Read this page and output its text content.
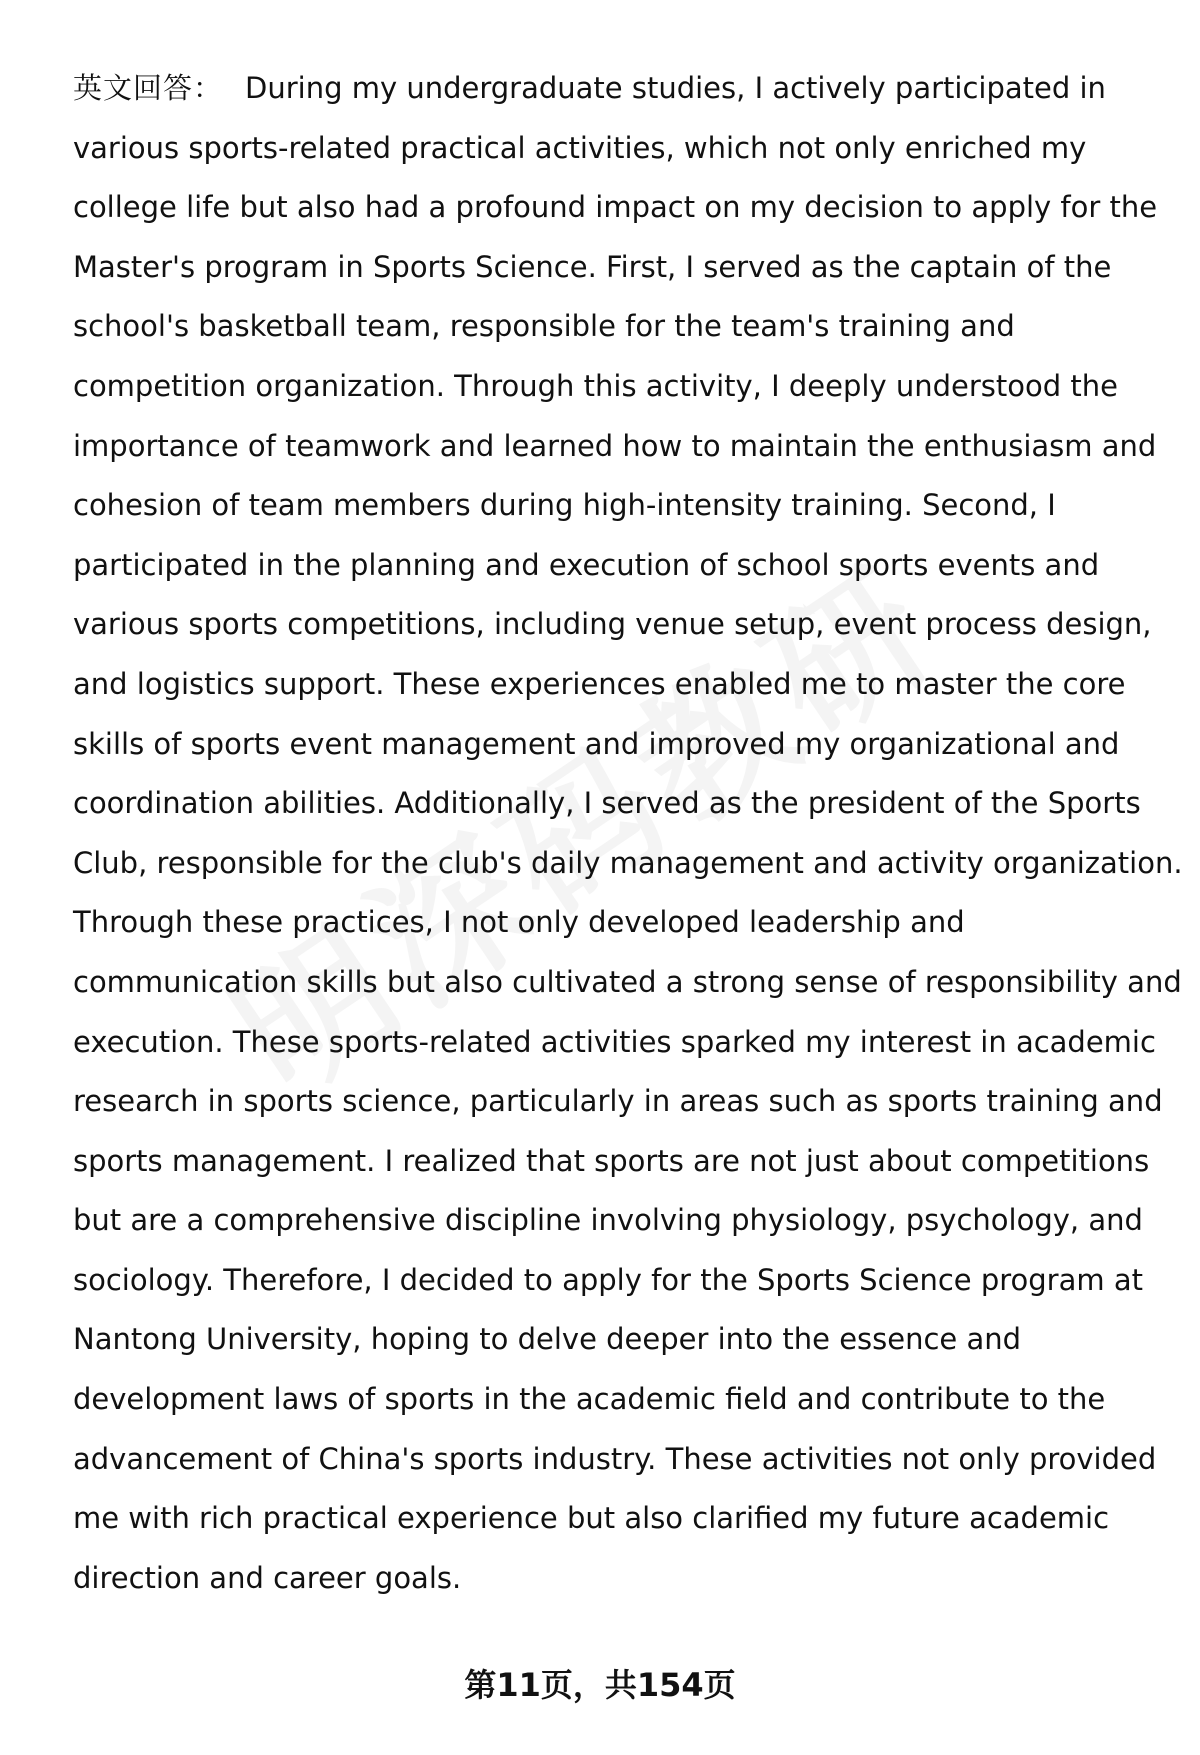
英文回答： During my undergraduate studies, I actively participated in
various sports-related practical activities, which not only enriched my
college life but also had a profound impact on my decision to apply for the
Master's program in Sports Science. First, I served as the captain of the
school's basketball team, responsible for the team's training and
competition organization. Through this activity, I deeply understood the
importance of teamwork and learned how to maintain the enthusiasm and
cohesion of team members during high-intensity training. Second, I
participated in the planning and execution of school sports events and
various sports competitions, including venue setup, event process design,
and logistics support. These experiences enabled me to master the core
skills of sports event management and improved my organizational and
coordination abilities. Additionally, I served as the president of the Sports
Club, responsible for the club's daily management and activity organization.
Through these practices, I not only developed leadership and
communication skills but also cultivated a strong sense of responsibility and
execution. These sports-related activities sparked my interest in academic
research in sports science, particularly in areas such as sports training and
sports management. I realized that sports are not just about competitions
but are a comprehensive discipline involving physiology, psychology, and
sociology. Therefore, I decided to apply for the Sports Science program at
Nantong University, hoping to delve deeper into the essence and
development laws of sports in the academic field and contribute to the
advancement of China's sports industry. These activities not only provided
me with rich practical experience but also clarified my future academic
direction and career goals.

第11页，共154页
